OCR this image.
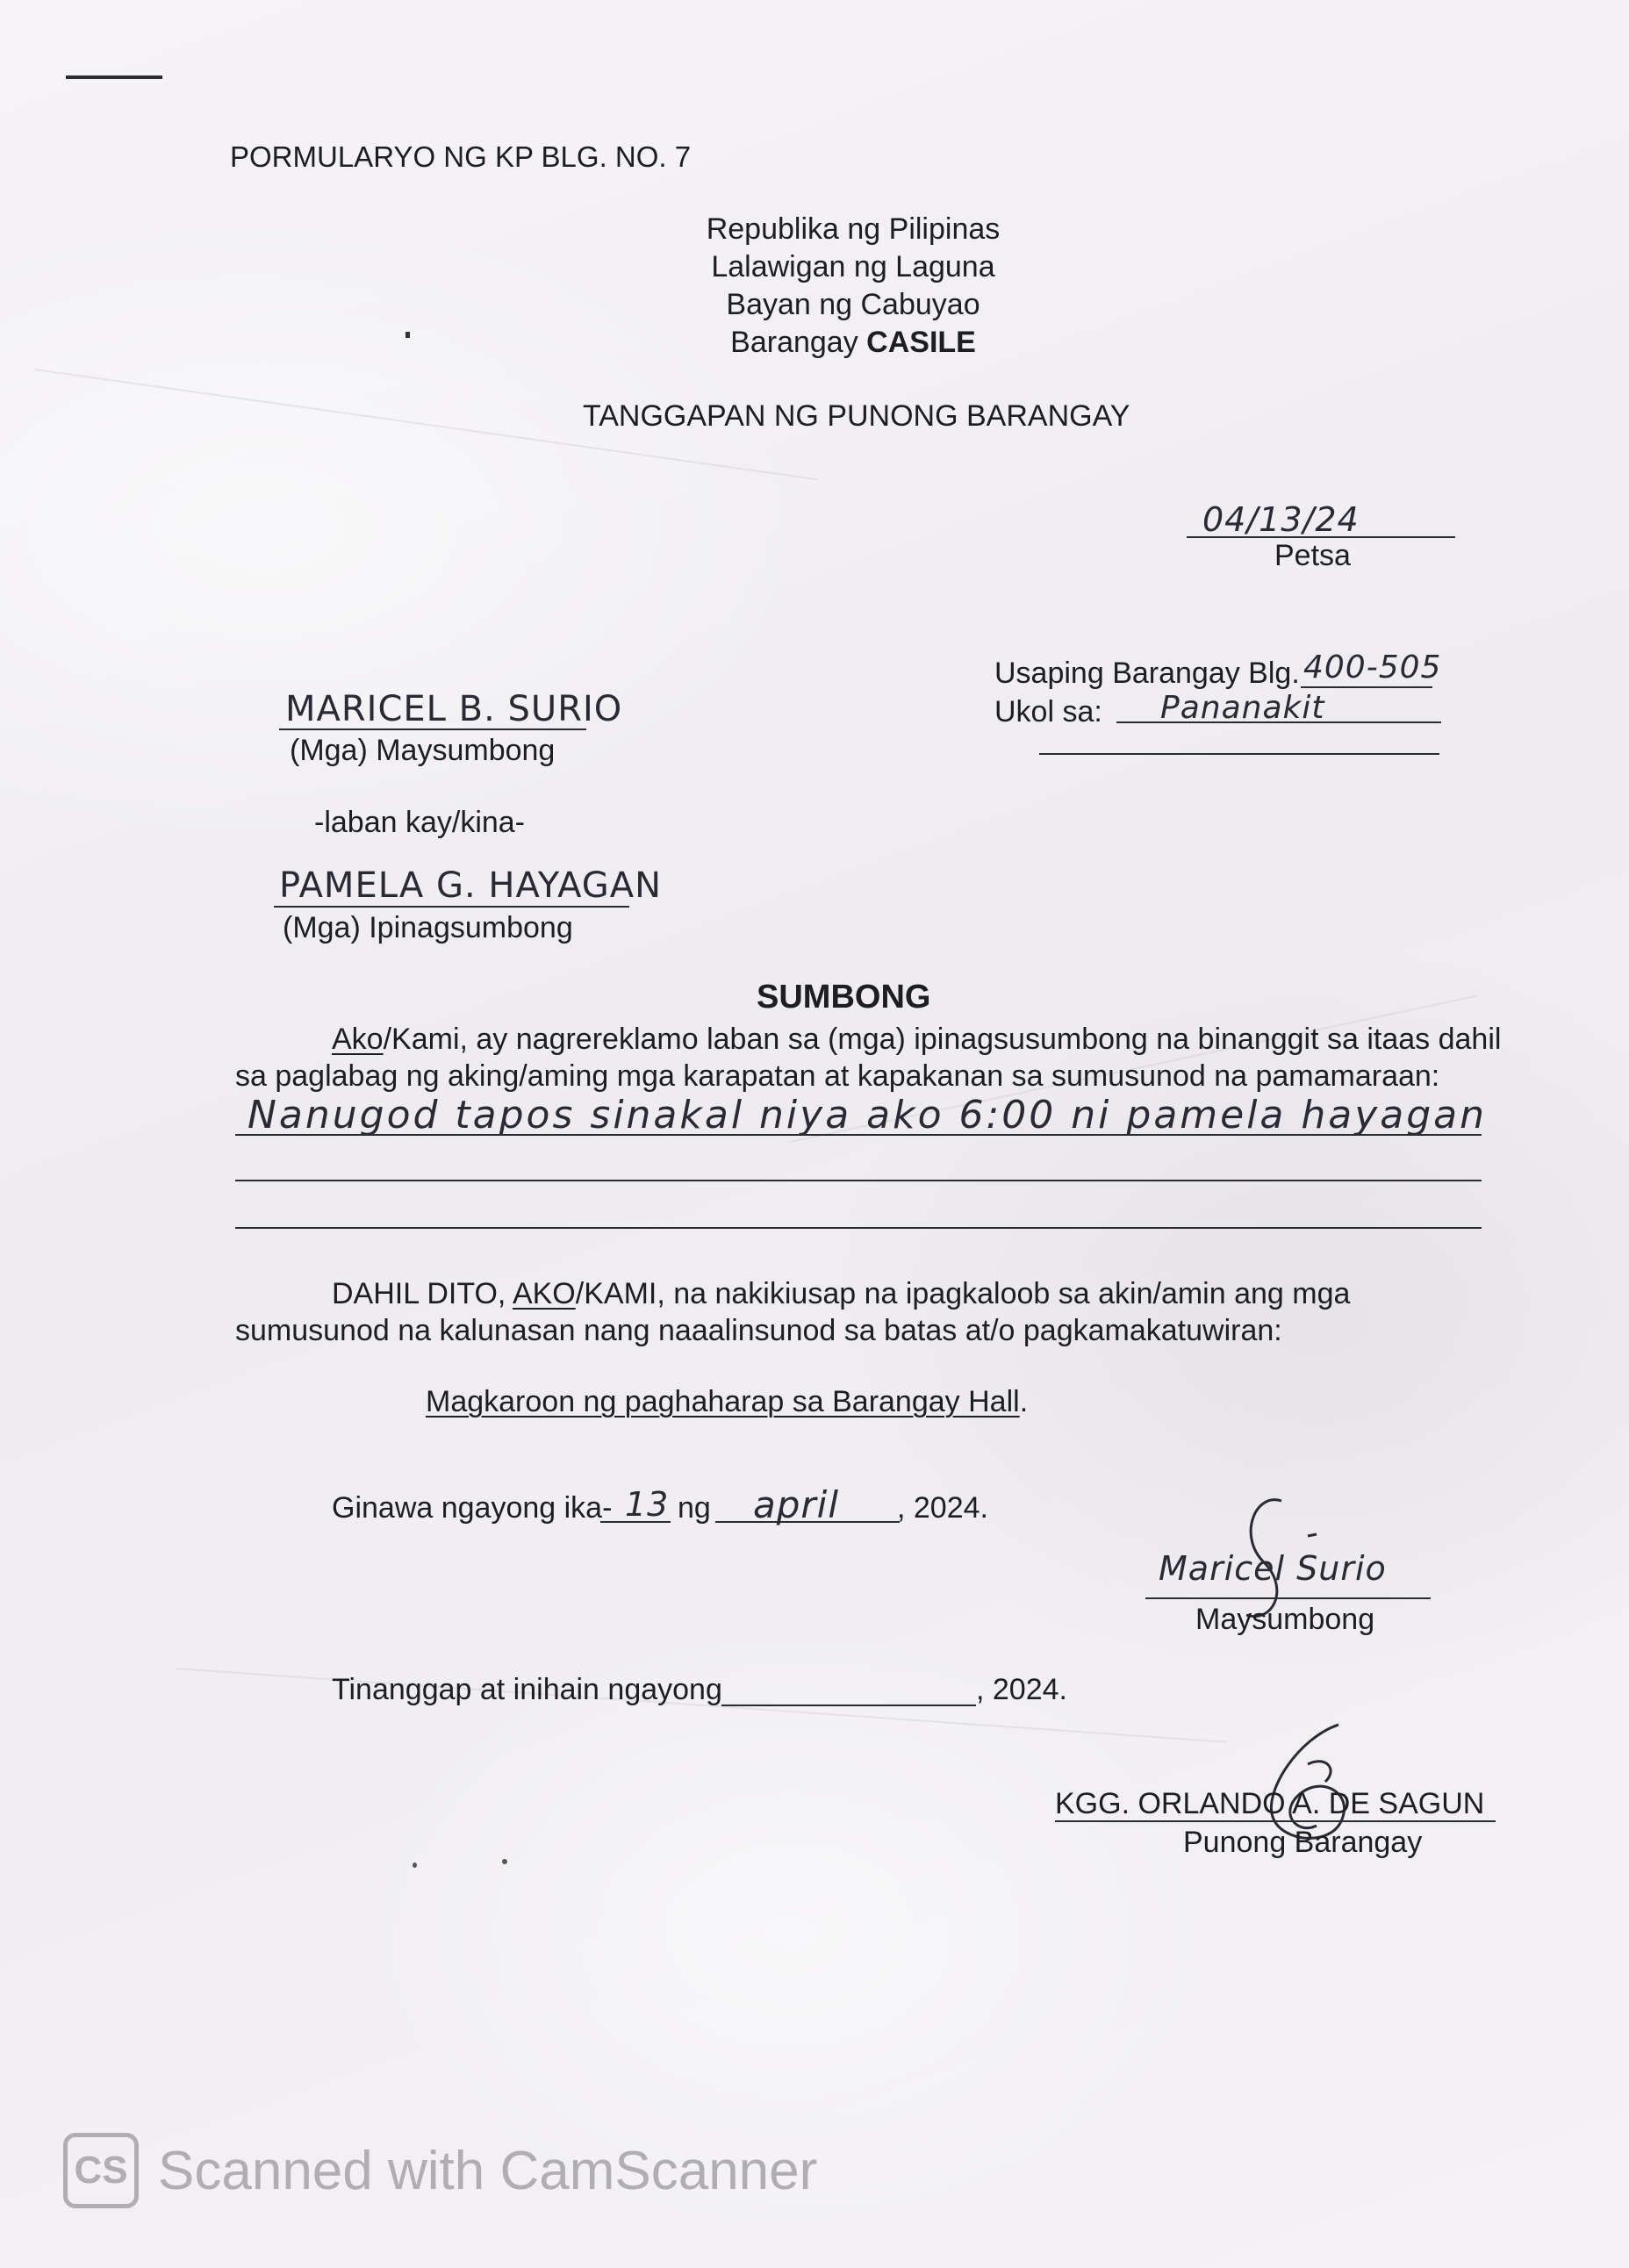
PORMULARYO NG KP BLG. NO. 7
Republika ng Pilipinas
Lalawigan ng Laguna
Bayan ng Cabuyao
Barangay CASILE
TANGGAPAN NG PUNONG BARANGAY
04/13/24
Petsa
Usaping Barangay Blg. 400-505
Ukol sa: Pananakit
MARICEL B. SURIO
(Mga) Maysumbong
-laban kay/kina-
PAMELA G. HAYAGAN
(Mga) Ipinagsumbong
SUMBONG
Ako/Kami, ay nagrereklamo laban sa (mga) ipinagsusumbong na binanggit sa itaas dahil
sa paglabag ng aking/aming mga karapatan at kapakanan sa sumusunod na pamamaraan:
Nanugod tapos sinakal niya ako 6:00 ni pamela hayagan
DAHIL DITO, AKO/KAMI, na nakikiusap na ipagkaloob sa akin/amin ang mga
sumusunod na kalunasan nang naaalinsunod sa batas at/o pagkamakatuwiran:
Magkaroon ng paghaharap sa Barangay Hall.
Ginawa ngayong ika- 13 ng april , 2024.
Maricel Surio
Maysumbong
Tinanggap at inihain ngayong	, 2024.
KGG. ORLANDO A. DE SAGUN
Punong Barangay
CS Scanned with CamScanner
